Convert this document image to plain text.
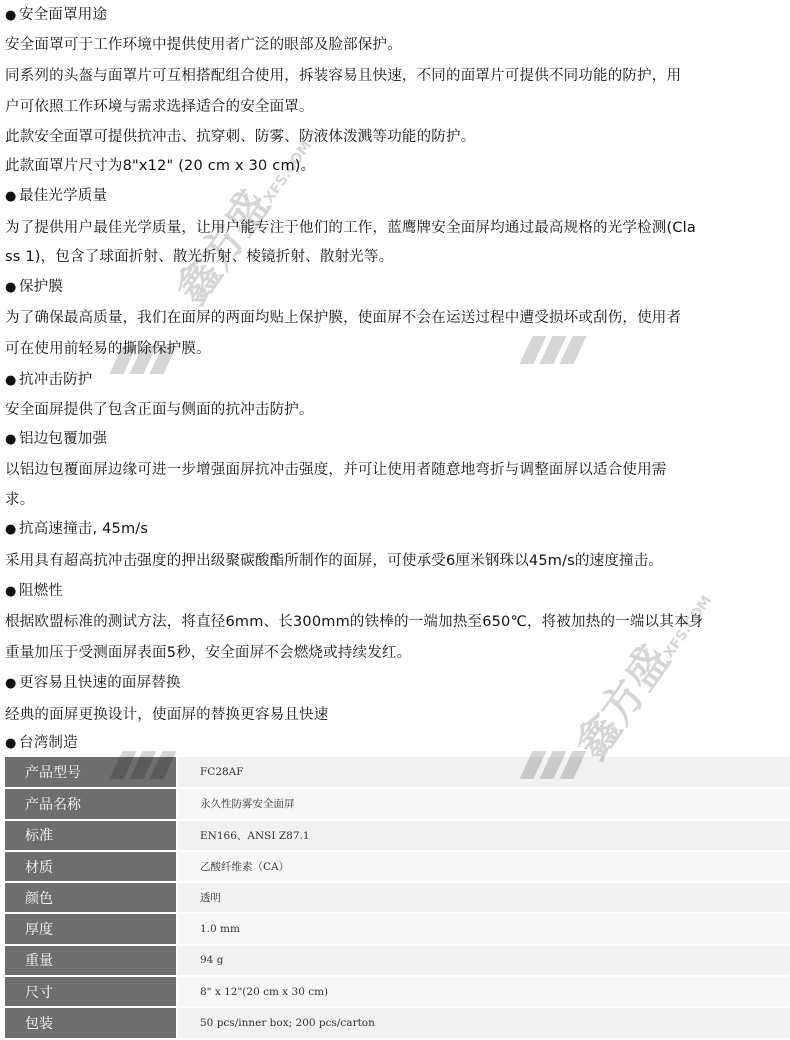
● 安全面罩用途
安全面罩可于工作环境中提供使用者广泛的眼部及脸部保护。
同系列的头盔与面罩片可互相搭配组合使用，拆装容易且快速，不同的面罩片可提供不同功能的防护，用
户可依照工作环境与需求选择适合的安全面罩。
此款安全面罩可提供抗冲击、抗穿刺、防雾、防液体泼溅等功能的防护。
此款面罩片尺寸为8"x12" (20 cm x 30 cm)。
● 最佳光学质量
为了提供用户最佳光学质量，让用户能专注于他们的工作，蓝鹰牌安全面屏均通过最高规格的光学检测(Cla
ss 1)，包含了球面折射、散光折射、棱镜折射、散射光等。
● 保护膜
为了确保最高质量，我们在面屏的两面均贴上保护膜，使面屏不会在运送过程中遭受损坏或刮伤，使用者
可在使用前轻易的撕除保护膜。
● 抗冲击防护
安全面屏提供了包含正面与侧面的抗冲击防护。
● 铝边包覆加强
以铝边包覆面屏边缘可进一步增强面屏抗冲击强度，并可让使用者随意地弯折与调整面屏以适合使用需
求。
● 抗高速撞击, 45m/s
采用具有超高抗冲击强度的押出级聚碳酸酯所制作的面屏，可使承受6厘米钢珠以45m/s的速度撞击。
● 阻燃性
根据欧盟标准的测试方法，将直径6mm、长300mm的铁棒的一端加热至650℃，将被加热的一端以其本身
重量加压于受测面屏表面5秒，安全面屏不会燃烧或持续发红。
● 更容易且快速的面屏替换
经典的面屏更换设计，使面屏的替换更容易且快速
● 台湾制造
产品型号	FC28AF
产品名称	永久性防雾安全面屏
标准	EN166、ANSI Z87.1
材质	乙酸纤维素（CA）
颜色	透明
厚度	1.0 mm
重量	94 g
尺寸	8" x 12"(20 cm x 30 cm)
包装	50 pcs/inner box; 200 pcs/carton
鑫方盛XFS.COM
鑫方盛XFS.COM
